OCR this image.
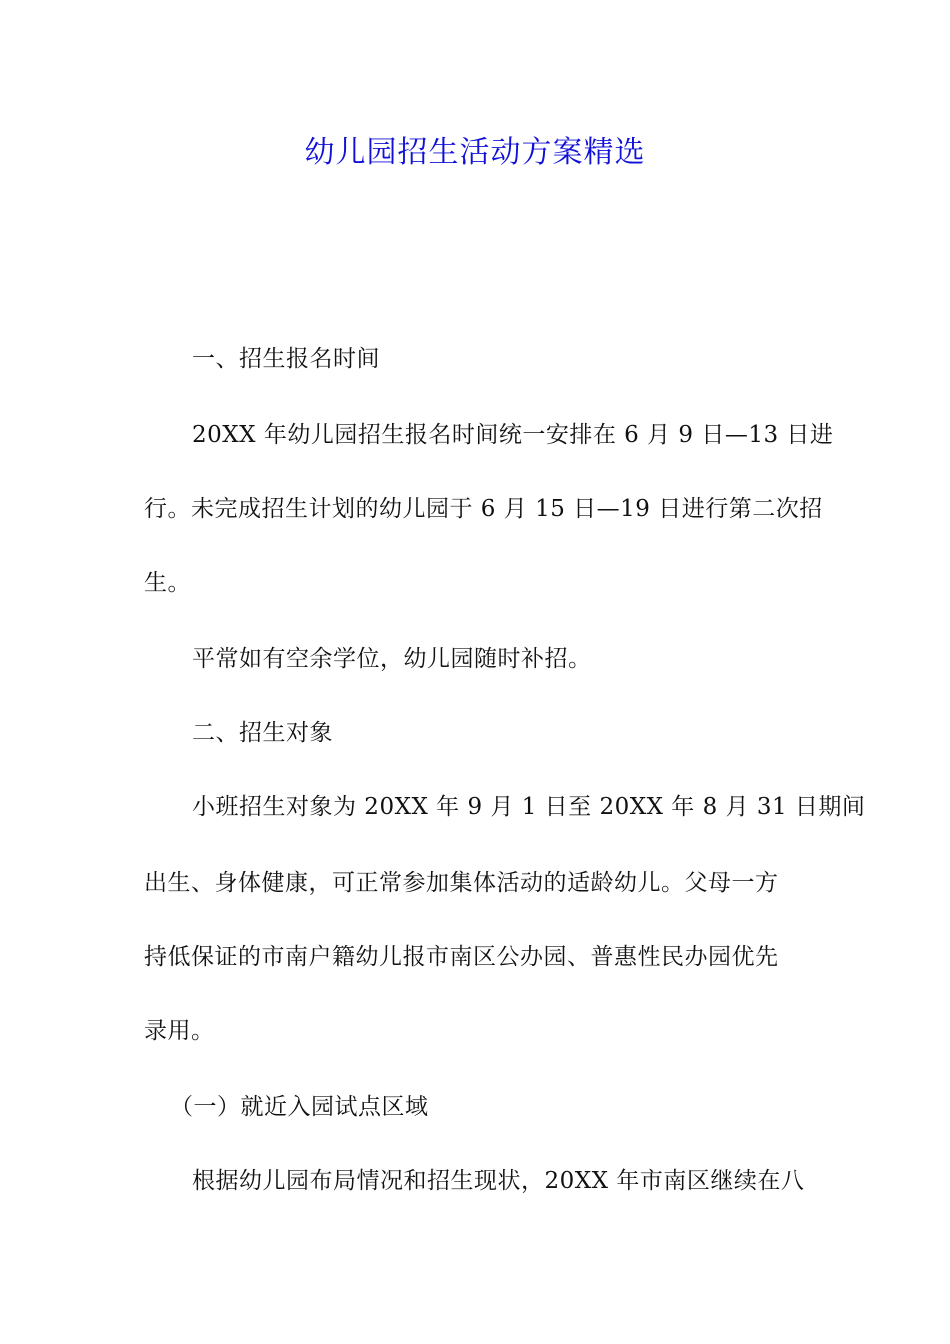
幼儿园招生活动方案精选
一、招生报名时间
20XX 年幼儿园招生报名时间统一安排在 6 月 9 日—13 日进
行。未完成招生计划的幼儿园于 6 月 15 日—19 日进行第二次招
生。
平常如有空余学位，幼儿园随时补招。
二、招生对象
小班招生对象为 20XX 年 9 月 1 日至 20XX 年 8 月 31 日期间
出生、身体健康，可正常参加集体活动的适龄幼儿。父母一方
持低保证的市南户籍幼儿报市南区公办园、普惠性民办园优先
录用。
（一）就近入园试点区域
根据幼儿园布局情况和招生现状，20XX 年市南区继续在八
